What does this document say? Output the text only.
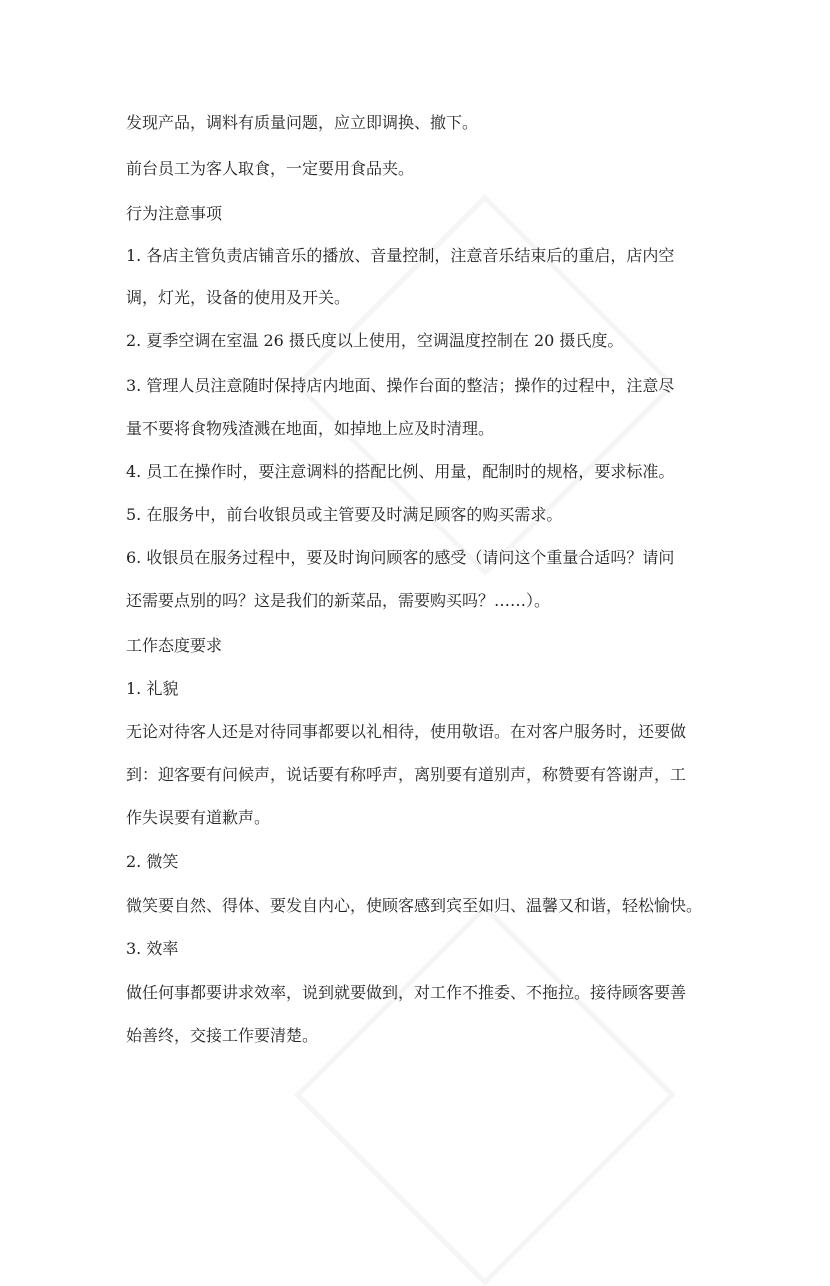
发现产品，调料有质量问题，应立即调换、撤下。

前台员工为客人取食，一定要用食品夹。

行为注意事项

1. 各店主管负责店铺音乐的播放、音量控制，注意音乐结束后的重启，店内空

调，灯光，设备的使用及开关。

2. 夏季空调在室温 26 摄氏度以上使用，空调温度控制在 20 摄氏度。

3. 管理人员注意随时保持店内地面、操作台面的整洁；操作的过程中，注意尽

量不要将食物残渣溅在地面，如掉地上应及时清理。

4. 员工在操作时，要注意调料的搭配比例、用量，配制时的规格，要求标准。

5. 在服务中，前台收银员或主管要及时满足顾客的购买需求。

6. 收银员在服务过程中，要及时询问顾客的感受（请问这个重量合适吗？请问

还需要点别的吗？这是我们的新菜品，需要购买吗？……）。

工作态度要求

1. 礼貌

无论对待客人还是对待同事都要以礼相待，使用敬语。在对客户服务时，还要做

到：迎客要有问候声，说话要有称呼声，离别要有道别声，称赞要有答谢声，工

作失误要有道歉声。

2. 微笑

微笑要自然、得体、要发自内心，使顾客感到宾至如归、温馨又和谐，轻松愉快。

3. 效率

做任何事都要讲求效率，说到就要做到，对工作不推委、不拖拉。接待顾客要善

始善终，交接工作要清楚。
